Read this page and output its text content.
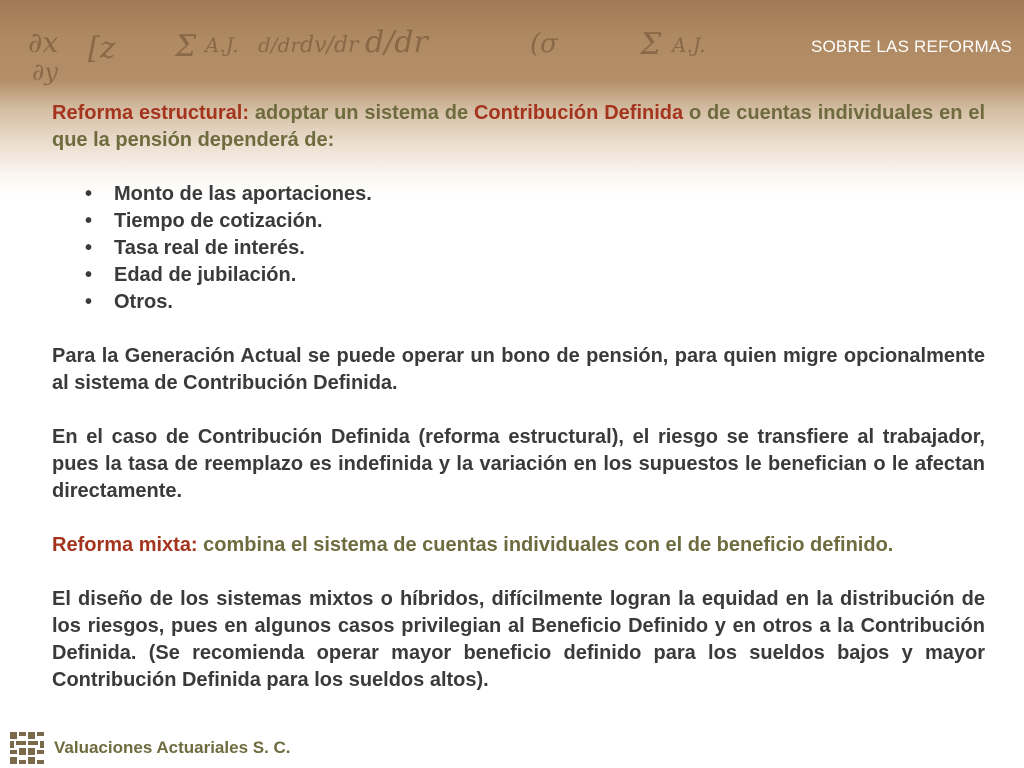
∂x
∂y
[z Σ A.J. d/dr dv/dr d/dr	(σ	Σ A.J.	SOBRE LAS REFORMAS

Reforma estructural: adoptar un sistema de Contribución Definida o de cuentas individuales en el que la pensión dependerá de:

• Monto de las aportaciones.
• Tiempo de cotización.
• Tasa real de interés.
• Edad de jubilación.
• Otros.

Para la Generación Actual se puede operar un bono de pensión, para quien migre opcionalmente al sistema de Contribución Definida.

En el caso de Contribución Definida (reforma estructural), el riesgo se transfiere al trabajador, pues la tasa de reemplazo es indefinida y la variación en los supuestos le benefician o le afectan directamente.

Reforma mixta: combina el sistema de cuentas individuales con el de beneficio definido.

El diseño de los sistemas mixtos o híbridos, difícilmente logran la equidad en la distribución de los riesgos, pues en algunos casos privilegian al Beneficio Definido y en otros a la Contribución Definida. (Se recomienda operar mayor beneficio definido para los sueldos bajos y mayor Contribución Definida para los sueldos altos).

Valuaciones Actuariales S. C.
